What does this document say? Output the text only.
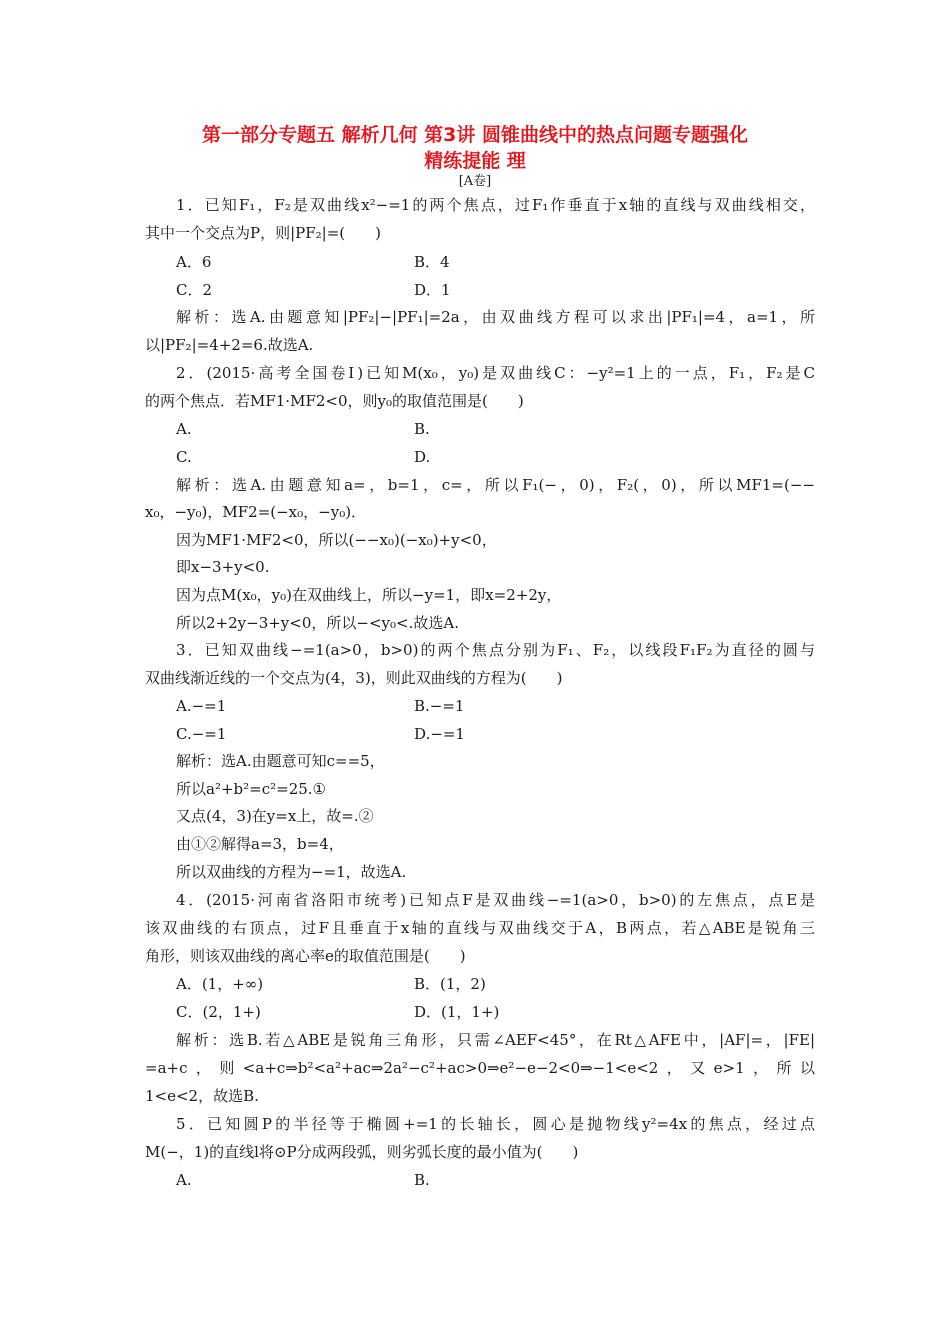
第一部分专题五 解析几何 第3讲 圆锥曲线中的热点问题专题强化
精练提能 理
[A卷]
1．已知F₁，F₂是双曲线x²−=1的两个焦点，过F₁作垂直于x轴的直线与双曲线相交，
其中一个交点为P，则|PF₂|=(　　)
A．6	B．4
C．2	D．1
解析：选A.由题意知|PF₂|−|PF₁|=2a，由双曲线方程可以求出|PF₁|=4，a=1，所
以|PF₂|=4+2=6.故选A.
2．(2015·高考全国卷Ⅰ)已知M(x₀，y₀)是双曲线C：−y²=1上的一点，F₁，F₂是C
的两个焦点．若MF1·MF2<0，则y₀的取值范围是(　　)
A.	B.
C.	D.
解析：选A.由题意知a=，b=1，c=，所以F₁(−，0)，F₂(，0)，所以MF1=(−−
x₀，−y₀)，MF2=(−x₀，−y₀)．
因为MF1·MF2<0，所以(−−x₀)(−x₀)+y<0，
即x−3+y<0.
因为点M(x₀，y₀)在双曲线上，所以−y=1，即x=2+2y，
所以2+2y−3+y<0，所以−<y₀<.故选A.
3．已知双曲线−=1(a>0，b>0)的两个焦点分别为F₁、F₂，以线段F₁F₂为直径的圆与
双曲线渐近线的一个交点为(4，3)，则此双曲线的方程为(　　)
A.−=1	B.−=1
C.−=1	D.−=1
解析：选A.由题意可知c==5，
所以a²+b²=c²=25.①
又点(4，3)在y=x上，故=.②
由①②解得a=3，b=4，
所以双曲线的方程为−=1，故选A.
4．(2015·河南省洛阳市统考)已知点F是双曲线−=1(a>0，b>0)的左焦点，点E是
该双曲线的右顶点，过F且垂直于x轴的直线与双曲线交于A，B两点，若△ABE是锐角三
角形，则该双曲线的离心率e的取值范围是(　　)
A．(1，+∞)	B．(1，2)
C．(2，1+)	D．(1，1+)
解析：选B.若△ABE是锐角三角形，只需∠AEF<45°，在Rt△AFE中，|AF|=，|FE|
=a+c，则<a+c⇒b²<a²+ac⇒2a²−c²+ac>0⇒e²−e−2<0⇒−1<e<2，又e>1，所以
1<e<2，故选B.
5．已知圆P的半径等于椭圆+=1的长轴长，圆心是抛物线y²=4x的焦点，经过点
M(−，1)的直线l将⊙P分成两段弧，则劣弧长度的最小值为(　　)
A.	B.
